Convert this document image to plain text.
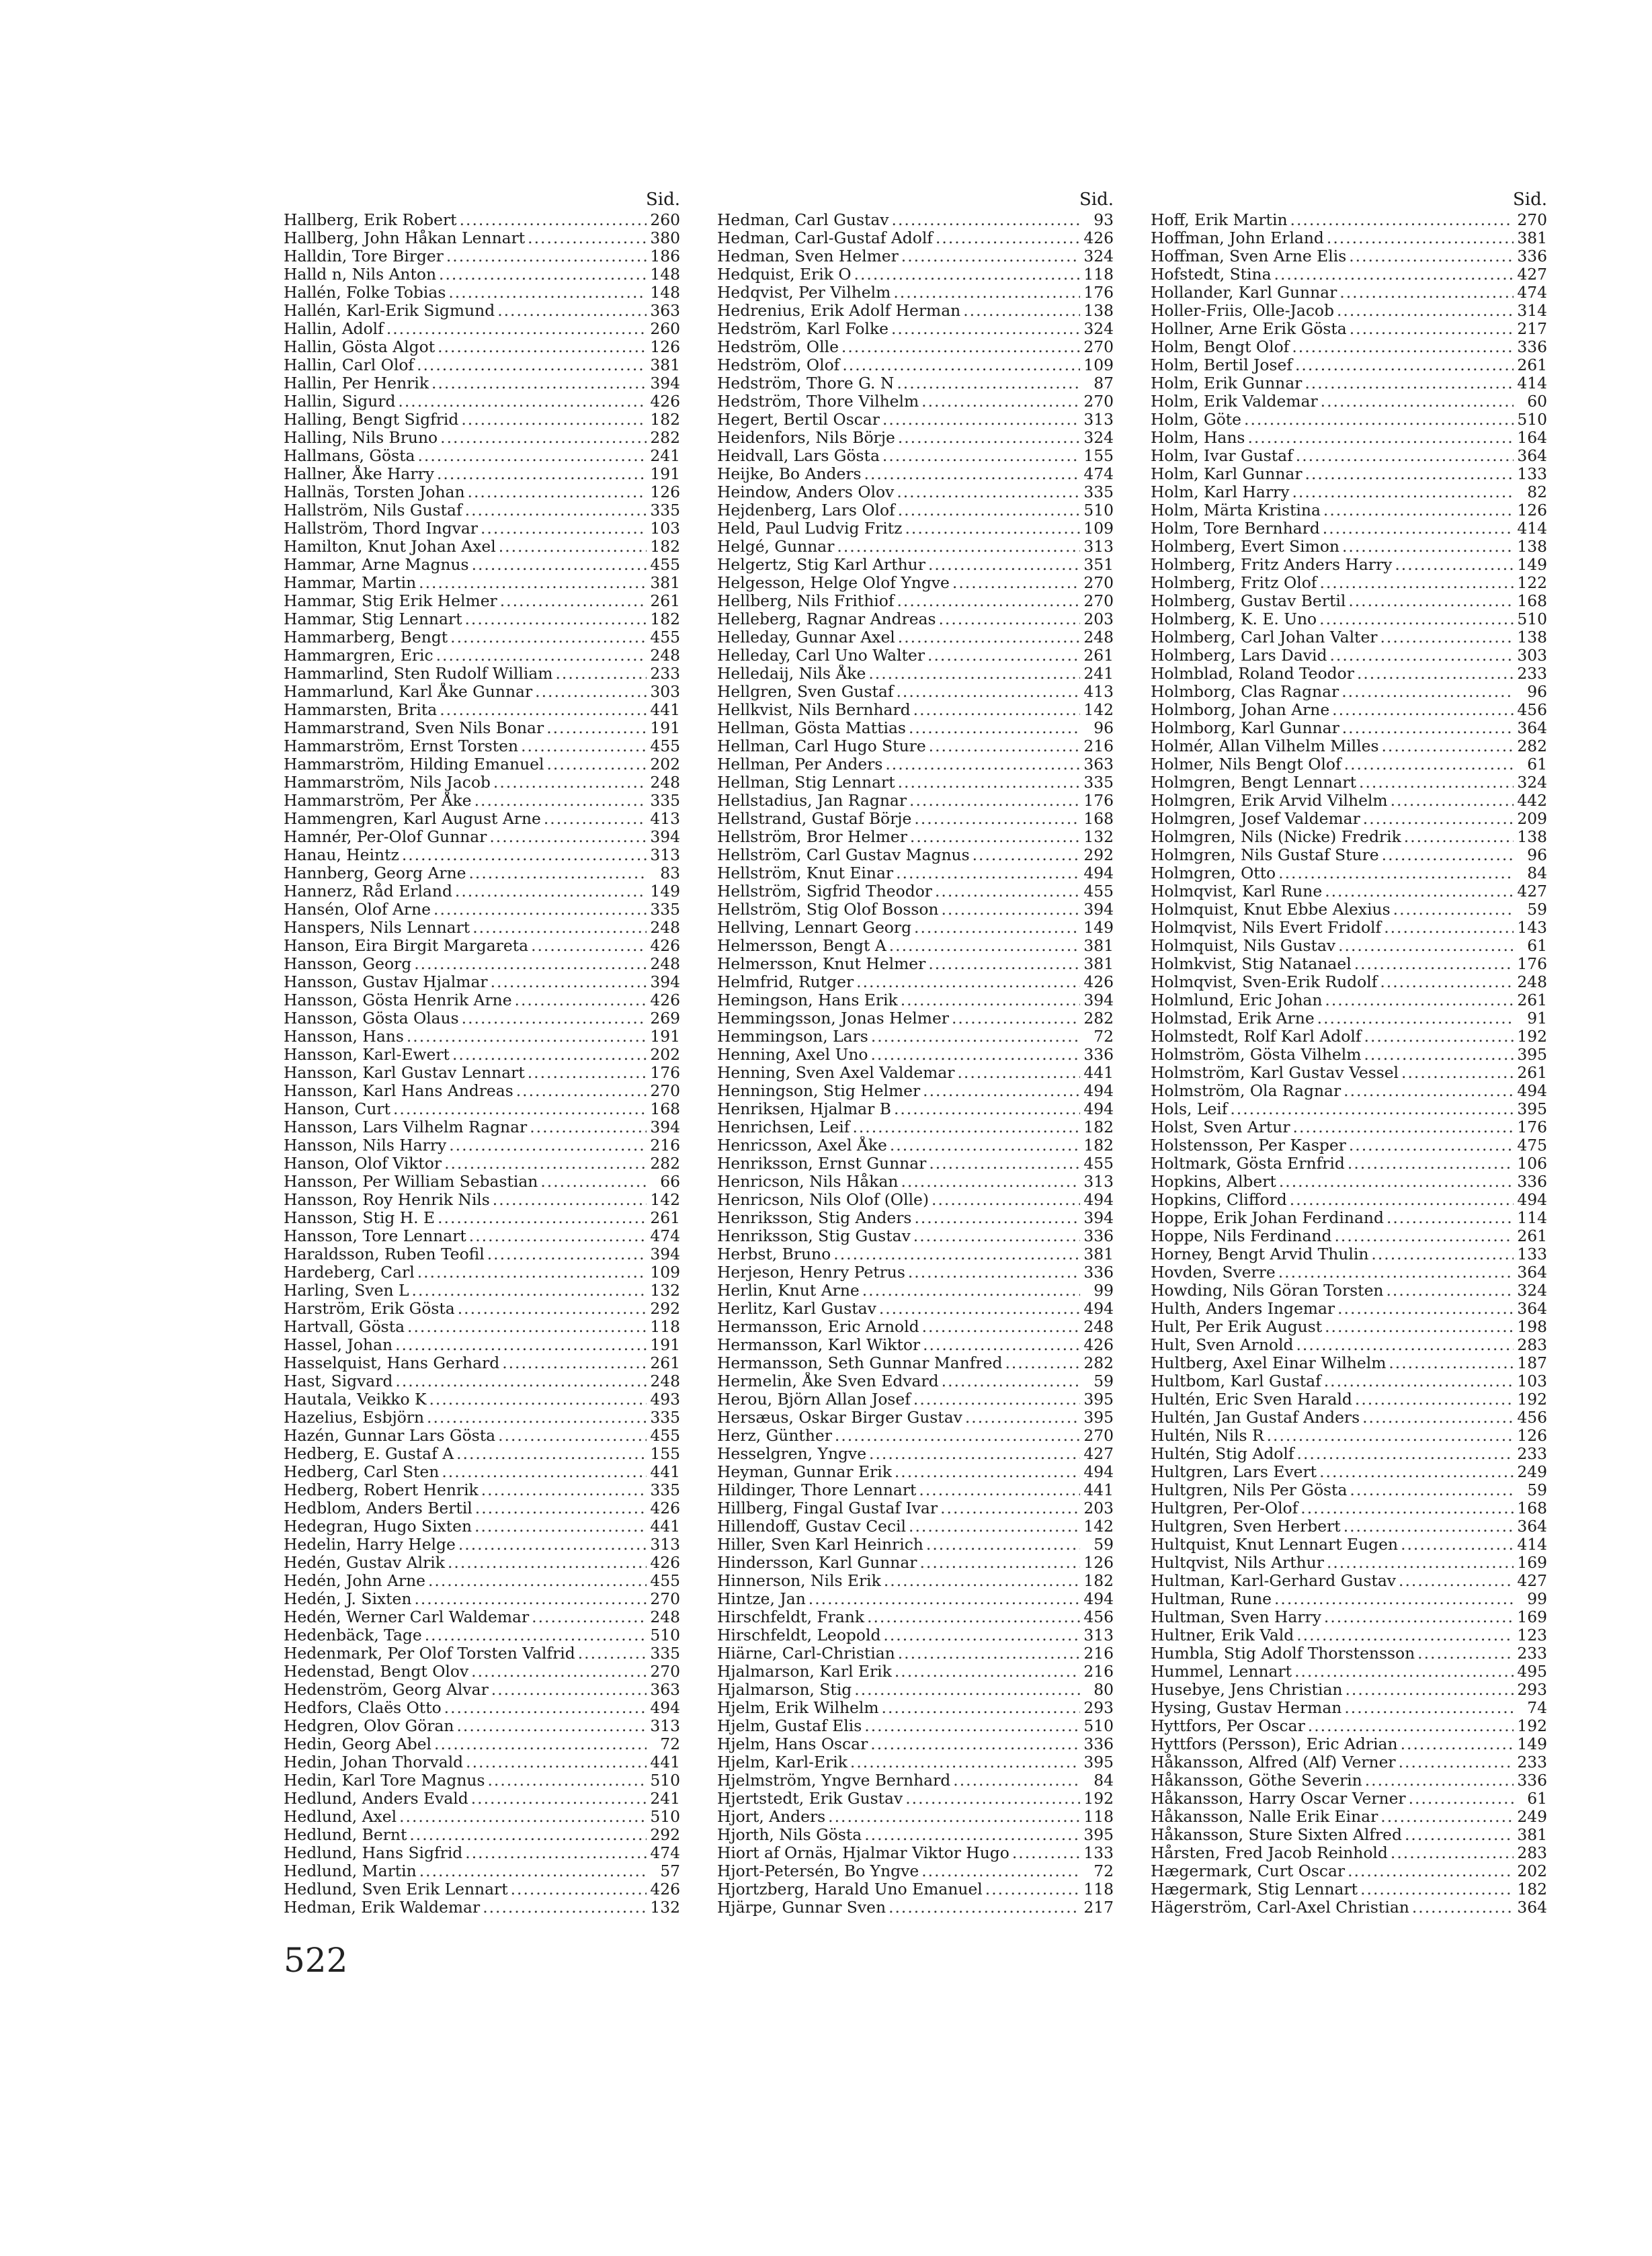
Sid.
Hallberg, Erik Robert .....	260
Hallberg, John Håkan Lennart .....	380
Halldin, Tore Birger .....	186
Halld n, Nils Anton .....	148
Hallén, Folke Tobias .....	148
Hallén, Karl-Erik Sigmund .....	363
Hallin, Adolf .....	260
Hallin, Gösta Algot .....	126
Hallin, Carl Olof .....	381
Hallin, Per Henrik .....	394
Hallin, Sigurd .....	426
Halling, Bengt Sigfrid .....	182
Halling, Nils Bruno .....	282
Hallmans, Gösta .....	241
Hallner, Åke Harry .....	191
Hallnäs, Torsten Johan .....	126
Hallström, Nils Gustaf .....	335
Hallström, Thord Ingvar .....	103
Hamilton, Knut Johan Axel .....	182
Hammar, Arne Magnus .....	455
Hammar, Martin .....	381
Hammar, Stig Erik Helmer .....	261
Hammar, Stig Lennart .....	182
Hammarberg, Bengt .....	455
Hammargren, Eric .....	248
Hammarlind, Sten Rudolf William .....	233
Hammarlund, Karl Åke Gunnar .....	303
Hammarsten, Brita .....	441
Hammarstrand, Sven Nils Bonar .....	191
Hammarström, Ernst Torsten .....	455
Hammarström, Hilding Emanuel .....	202
Hammarström, Nils Jacob .....	248
Hammarström, Per Åke .....	335
Hammengren, Karl August Arne .....	413
Hamnér, Per-Olof Gunnar .....	394
Hanau, Heintz .....	313
Hannberg, Georg Arne .....	83
Hannerz, Råd Erland .....	149
Hansén, Olof Arne .....	335
Hanspers, Nils Lennart .....	248
Hanson, Eira Birgit Margareta .....	426
Hansson, Georg .....	248
Hansson, Gustav Hjalmar .....	394
Hansson, Gösta Henrik Arne .....	426
Hansson, Gösta Olaus .....	269
Hansson, Hans .....	191
Hansson, Karl-Ewert .....	202
Hansson, Karl Gustav Lennart .....	176
Hansson, Karl Hans Andreas .....	270
Hanson, Curt .....	168
Hansson, Lars Vilhelm Ragnar .....	394
Hansson, Nils Harry .....	216
Hanson, Olof Viktor .....	282
Hansson, Per William Sebastian .....	66
Hansson, Roy Henrik Nils .....	142
Hansson, Stig H. E .....	261
Hansson, Tore Lennart .....	474
Haraldsson, Ruben Teofil .....	394
Hardeberg, Carl .....	109
Harling, Sven L .....	132
Harström, Erik Gösta .....	292
Hartvall, Gösta .....	118
Hassel, Johan .....	191
Hasselquist, Hans Gerhard .....	261
Hast, Sigvard .....	248
Hautala, Veikko K .....	493
Hazelius, Esbjörn .....	335
Hazén, Gunnar Lars Gösta .....	455
Hedberg, E. Gustaf A .....	155
Hedberg, Carl Sten .....	441
Hedberg, Robert Henrik .....	335
Hedblom, Anders Bertil .....	426
Hedegran, Hugo Sixten .....	441
Hedelin, Harry Helge .....	313
Hedén, Gustav Alrik .....	426
Hedén, John Arne .....	455
Hedén, J. Sixten .....	270
Hedén, Werner Carl Waldemar .....	248
Hedenbäck, Tage .....	510
Hedenmark, Per Olof Torsten Valfrid .....	335
Hedenstad, Bengt Olov .....	270
Hedenström, Georg Alvar .....	363
Hedfors, Claës Otto .....	494
Hedgren, Olov Göran .....	313
Hedin, Georg Abel .....	72
Hedin, Johan Thorvald .....	441
Hedin, Karl Tore Magnus .....	510
Hedlund, Anders Evald .....	241
Hedlund, Axel .....	510
Hedlund, Bernt .....	292
Hedlund, Hans Sigfrid .....	474
Hedlund, Martin .....	57
Hedlund, Sven Erik Lennart .....	426
Hedman, Erik Waldemar .....	132
Sid.
Hedman, Carl Gustav .....	93
Hedman, Carl-Gustaf Adolf .....	426
Hedman, Sven Helmer .....	324
Hedquist, Erik O .....	118
Hedqvist, Per Vilhelm .....	176
Hedrenius, Erik Adolf Herman .....	138
Hedström, Karl Folke .....	324
Hedström, Olle .....	270
Hedström, Olof .....	109
Hedström, Thore G. N .....	87
Hedström, Thore Vilhelm .....	270
Hegert, Bertil Oscar .....	313
Heidenfors, Nils Börje .....	324
Heidvall, Lars Gösta .....	155
Heijke, Bo Anders .....	474
Heindow, Anders Olov .....	335
Hejdenberg, Lars Olof .....	510
Held, Paul Ludvig Fritz .....	109
Helgé, Gunnar .....	313
Helgertz, Stig Karl Arthur .....	351
Helgesson, Helge Olof Yngve .....	270
Hellberg, Nils Frithiof .....	270
Helleberg, Ragnar Andreas .....	203
Helleday, Gunnar Axel .....	248
Helleday, Carl Uno Walter .....	261
Helledaij, Nils Åke .....	241
Hellgren, Sven Gustaf .....	413
Hellkvist, Nils Bernhard .....	142
Hellman, Gösta Mattias .....	96
Hellman, Carl Hugo Sture .....	216
Hellman, Per Anders .....	363
Hellman, Stig Lennart .....	335
Hellstadius, Jan Ragnar .....	176
Hellstrand, Gustaf Börje .....	168
Hellström, Bror Helmer .....	132
Hellström, Carl Gustav Magnus .....	292
Hellström, Knut Einar .....	494
Hellström, Sigfrid Theodor .....	455
Hellström, Stig Olof Bosson .....	394
Hellving, Lennart Georg .....	149
Helmersson, Bengt A .....	381
Helmersson, Knut Helmer .....	381
Helmfrid, Rutger .....	426
Hemingson, Hans Erik .....	394
Hemmingsson, Jonas Helmer .....	282
Hemmingson, Lars .....	72
Henning, Axel Uno .....	336
Henning, Sven Axel Valdemar .....	441
Henningson, Stig Helmer .....	494
Henriksen, Hjalmar B .....	494
Henrichsen, Leif .....	182
Henricsson, Axel Åke .....	182
Henriksson, Ernst Gunnar .....	455
Henricson, Nils Håkan .....	313
Henricson, Nils Olof (Olle) .....	494
Henriksson, Stig Anders .....	394
Henriksson, Stig Gustav .....	336
Herbst, Bruno .....	381
Herjeson, Henry Petrus .....	336
Herlin, Knut Arne .....	99
Herlitz, Karl Gustav .....	494
Hermansson, Eric Arnold .....	248
Hermansson, Karl Wiktor .....	426
Hermansson, Seth Gunnar Manfred .....	282
Hermelin, Åke Sven Edvard .....	59
Herou, Björn Allan Josef .....	395
Hersæus, Oskar Birger Gustav .....	395
Herz, Günther .....	270
Hesselgren, Yngve .....	427
Heyman, Gunnar Erik .....	494
Hildinger, Thore Lennart .....	441
Hillberg, Fingal Gustaf Ivar .....	203
Hillendoff, Gustav Cecil .....	142
Hiller, Sven Karl Heinrich .....	59
Hindersson, Karl Gunnar .....	126
Hinnerson, Nils Erik .....	182
Hintze, Jan .....	494
Hirschfeldt, Frank .....	456
Hirschfeldt, Leopold .....	313
Hiärne, Carl-Christian .....	216
Hjalmarson, Karl Erik .....	216
Hjalmarson, Stig .....	80
Hjelm, Erik Wilhelm .....	293
Hjelm, Gustaf Elis .....	510
Hjelm, Hans Oscar .....	336
Hjelm, Karl-Erik .....	395
Hjelmström, Yngve Bernhard .....	84
Hjertstedt, Erik Gustav .....	192
Hjort, Anders .....	118
Hjorth, Nils Gösta .....	395
Hiort af Ornäs, Hjalmar Viktor Hugo .....	133
Hjort-Petersén, Bo Yngve .....	72
Hjortzberg, Harald Uno Emanuel .....	118
Hjärpe, Gunnar Sven .....	217
Sid.
Hoff, Erik Martin .....	270
Hoffman, John Erland .....	381
Hoffman, Sven Arne Elis .....	336
Hofstedt, Stina .....	427
Hollander, Karl Gunnar .....	474
Holler-Friis, Olle-Jacob .....	314
Hollner, Arne Erik Gösta .....	217
Holm, Bengt Olof .....	336
Holm, Bertil Josef .....	261
Holm, Erik Gunnar .....	414
Holm, Erik Valdemar .....	60
Holm, Göte .....	510
Holm, Hans .....	164
Holm, Ivar Gustaf .....	364
Holm, Karl Gunnar .....	133
Holm, Karl Harry .....	82
Holm, Märta Kristina .....	126
Holm, Tore Bernhard .....	414
Holmberg, Evert Simon .....	138
Holmberg, Fritz Anders Harry .....	149
Holmberg, Fritz Olof .....	122
Holmberg, Gustav Bertil .....	168
Holmberg, K. E. Uno .....	510
Holmberg, Carl Johan Valter .....	138
Holmberg, Lars David .....	303
Holmblad, Roland Teodor .....	233
Holmborg, Clas Ragnar .....	96
Holmborg, Johan Arne .....	456
Holmborg, Karl Gunnar .....	364
Holmér, Allan Vilhelm Milles .....	282
Holmer, Nils Bengt Olof .....	61
Holmgren, Bengt Lennart .....	324
Holmgren, Erik Arvid Vilhelm .....	442
Holmgren, Josef Valdemar .....	209
Holmgren, Nils (Nicke) Fredrik .....	138
Holmgren, Nils Gustaf Sture .....	96
Holmgren, Otto .....	84
Holmqvist, Karl Rune .....	427
Holmquist, Knut Ebbe Alexius .....	59
Holmqvist, Nils Evert Fridolf .....	143
Holmquist, Nils Gustav .....	61
Holmkvist, Stig Natanael .....	176
Holmqvist, Sven-Erik Rudolf .....	248
Holmlund, Eric Johan .....	261
Holmstad, Erik Arne .....	91
Holmstedt, Rolf Karl Adolf .....	192
Holmström, Gösta Vilhelm .....	395
Holmström, Karl Gustav Vessel .....	261
Holmström, Ola Ragnar .....	494
Hols, Leif .....	395
Holst, Sven Artur .....	176
Holstensson, Per Kasper .....	475
Holtmark, Gösta Ernfrid .....	106
Hopkins, Albert .....	336
Hopkins, Clifford .....	494
Hoppe, Erik Johan Ferdinand .....	114
Hoppe, Nils Ferdinand .....	261
Horney, Bengt Arvid Thulin .....	133
Hovden, Sverre .....	364
Howding, Nils Göran Torsten .....	324
Hulth, Anders Ingemar .....	364
Hult, Per Erik August .....	198
Hult, Sven Arnold .....	283
Hultberg, Axel Einar Wilhelm .....	187
Hultbom, Karl Gustaf .....	103
Hultén, Eric Sven Harald .....	192
Hultén, Jan Gustaf Anders .....	456
Hultén, Nils R .....	126
Hultén, Stig Adolf .....	233
Hultgren, Lars Evert .....	249
Hultgren, Nils Per Gösta .....	59
Hultgren, Per-Olof .....	168
Hultgren, Sven Herbert .....	364
Hultquist, Knut Lennart Eugen .....	414
Hultqvist, Nils Arthur .....	169
Hultman, Karl-Gerhard Gustav .....	427
Hultman, Rune .....	99
Hultman, Sven Harry .....	169
Hultner, Erik Vald .....	123
Humbla, Stig Adolf Thorstensson .....	233
Hummel, Lennart .....	495
Husebye, Jens Christian .....	293
Hysing, Gustav Herman .....	74
Hyttfors, Per Oscar .....	192
Hyttfors (Persson), Eric Adrian .....	149
Håkansson, Alfred (Alf) Verner .....	233
Håkansson, Göthe Severin .....	336
Håkansson, Harry Oscar Verner .....	61
Håkansson, Nalle Erik Einar .....	249
Håkansson, Sture Sixten Alfred .....	381
Hårsten, Fred Jacob Reinhold .....	283
Hægermark, Curt Oscar .....	202
Hægermark, Stig Lennart .....	182
Hägerström, Carl-Axel Christian .....	364
522
